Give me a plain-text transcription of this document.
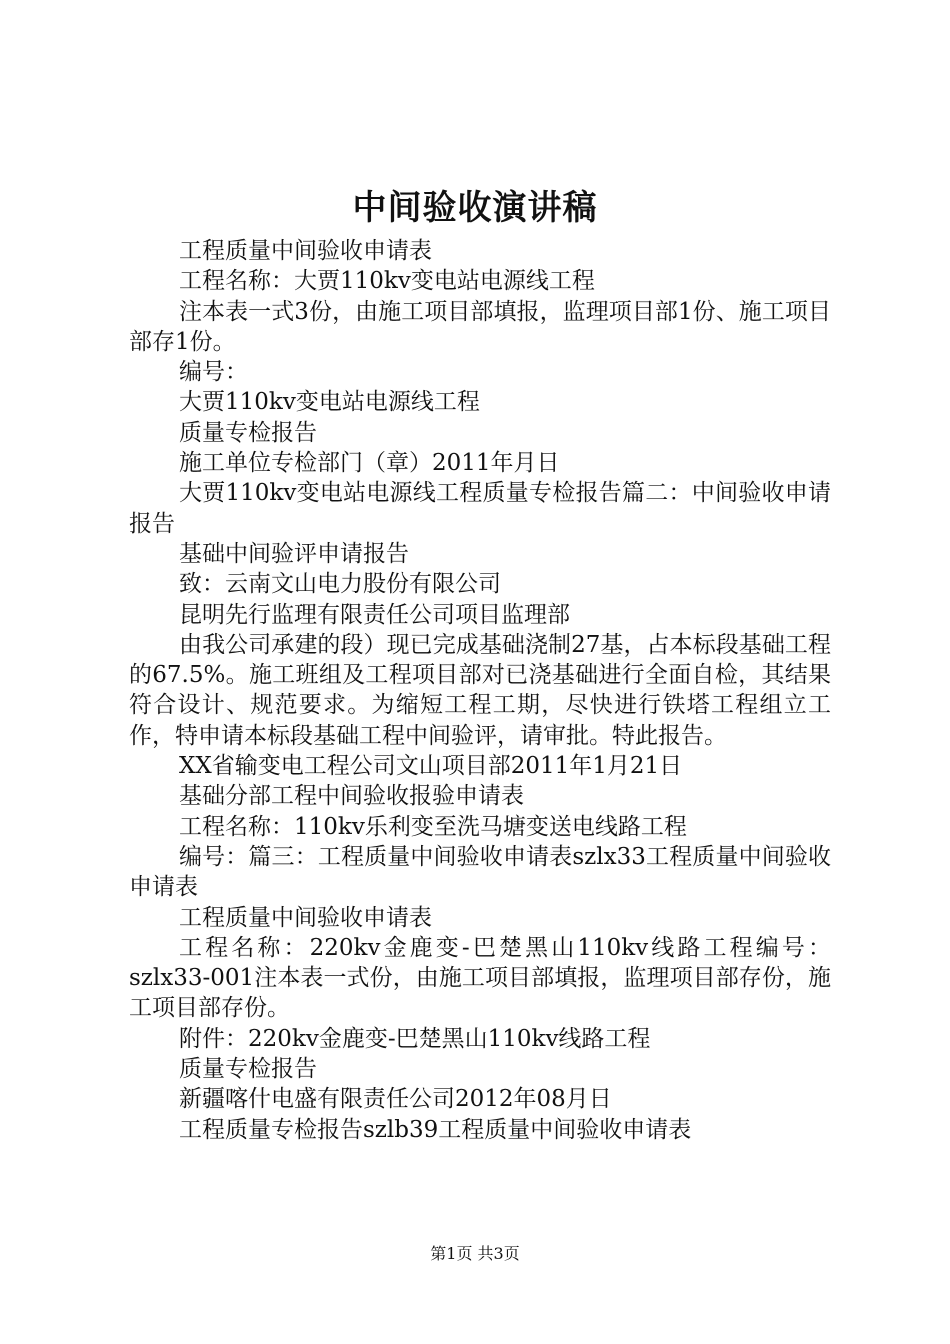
中间验收演讲稿

工程质量中间验收申请表

工程名称：大贾110kv变电站电源线工程

注本表一式3份，由施工项目部填报，监理项目部1份、施工项目部存1份。

编号：

大贾110kv变电站电源线工程

质量专检报告

施工单位专检部门（章）2011年月日

大贾110kv变电站电源线工程质量专检报告篇二：中间验收申请报告

基础中间验评申请报告

致：云南文山电力股份有限公司

昆明先行监理有限责任公司项目监理部

由我公司承建的段）现已完成基础浇制27基，占本标段基础工程的67.5%。施工班组及工程项目部对已浇基础进行全面自检，其结果符合设计、规范要求。为缩短工程工期，尽快进行铁塔工程组立工作，特申请本标段基础工程中间验评，请审批。特此报告。

XX省输变电工程公司文山项目部2011年1月21日

基础分部工程中间验收报验申请表

工程名称：110kv乐利变至洗马塘变送电线路工程

编号：篇三：工程质量中间验收申请表szlx33工程质量中间验收申请表

工程质量中间验收申请表

工程名称：220kv金鹿变-巴楚黑山110kv线路工程编号：szlx33-001注本表一式份，由施工项目部填报，监理项目部存份，施工项目部存份。

附件：220kv金鹿变-巴楚黑山110kv线路工程

质量专检报告

新疆喀什电盛有限责任公司2012年08月日

工程质量专检报告szlb39工程质量中间验收申请表

第1页 共3页
